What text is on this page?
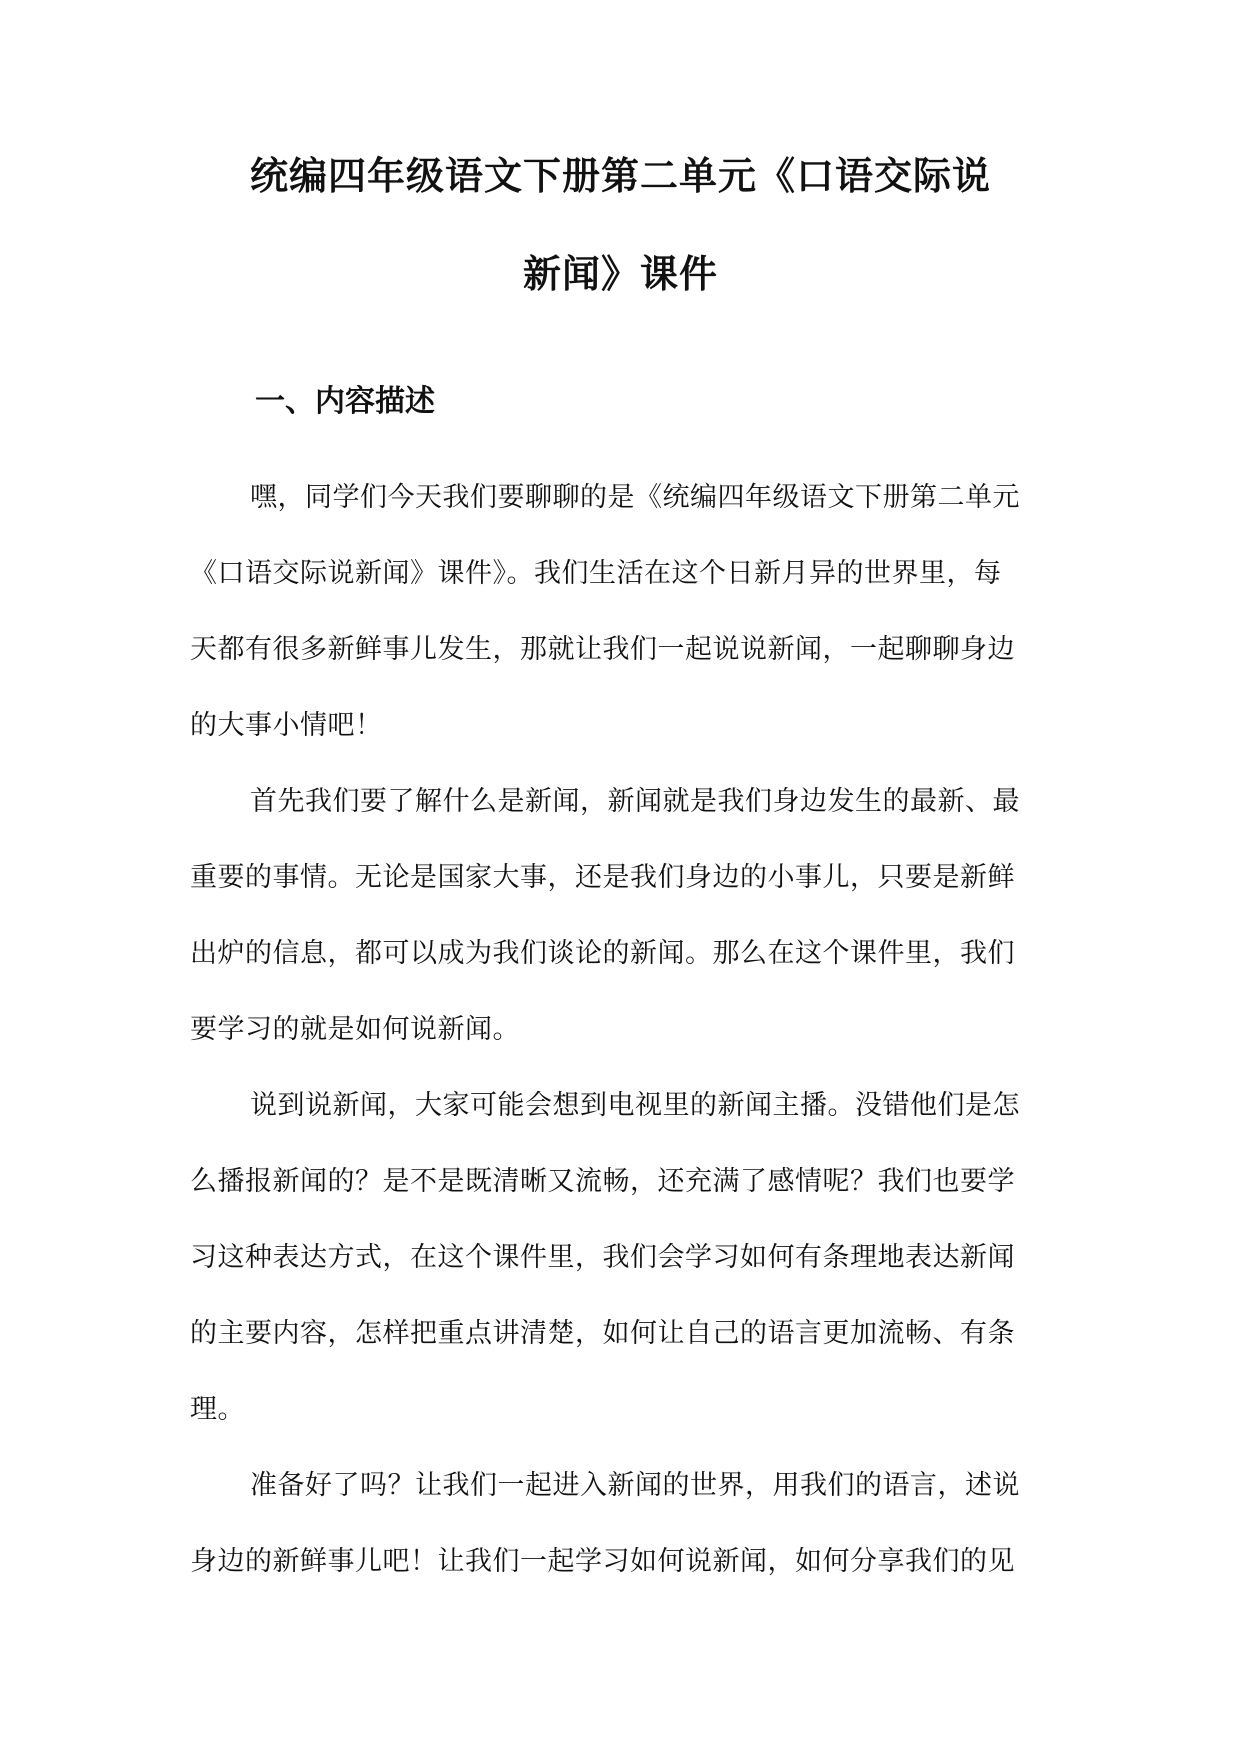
统编四年级语文下册第二单元《口语交际说
新闻》课件
一、内容描述

嘿，同学们今天我们要聊聊的是《统编四年级语文下册第二单元
《口语交际说新闻》课件》。我们生活在这个日新月异的世界里，每
天都有很多新鲜事儿发生，那就让我们一起说说新闻，一起聊聊身边
的大事小情吧！

首先我们要了解什么是新闻，新闻就是我们身边发生的最新、最
重要的事情。无论是国家大事，还是我们身边的小事儿，只要是新鲜
出炉的信息，都可以成为我们谈论的新闻。那么在这个课件里，我们
要学习的就是如何说新闻。

说到说新闻，大家可能会想到电视里的新闻主播。没错他们是怎
么播报新闻的？是不是既清晰又流畅，还充满了感情呢？我们也要学
习这种表达方式，在这个课件里，我们会学习如何有条理地表达新闻
的主要内容，怎样把重点讲清楚，如何让自己的语言更加流畅、有条
理。

准备好了吗？让我们一起进入新闻的世界，用我们的语言，述说
身边的新鲜事儿吧！让我们一起学习如何说新闻，如何分享我们的见
